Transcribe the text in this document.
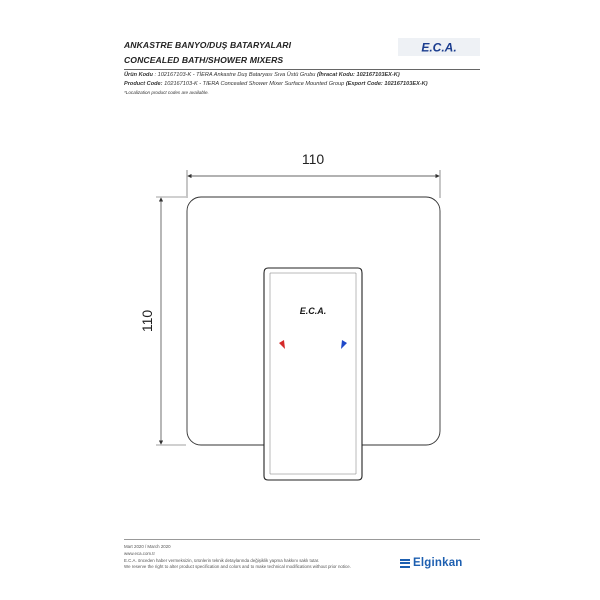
ANKASTRE BANYO/DUŞ BATARYALARI
CONCEALED BATH/SHOWER MIXERS
E.C.A.
Ürün Kodu : 102167103-K - TİERA Ankastre Duş Bataryası Sıva Üstü Grubu (İhracat Kodu: 102167103EX-K)
Product Code: 102167103-K - TIERA Concealed Shower Mixer Surface Mounted Group (Export Code: 102167103EX-K)
*Localization product codes are available.
110
110	E.C.A.
Mart 2020 / March 2020
www.eca.com.tr
E.C.A. önceden haber vermeksizin, ürünlerin teknik detaylarında değişiklik yapma hakkını saklı tutar.
We reserve the right to alter product specification and colors and to make technical modifications without prior notice.	Elginkan
